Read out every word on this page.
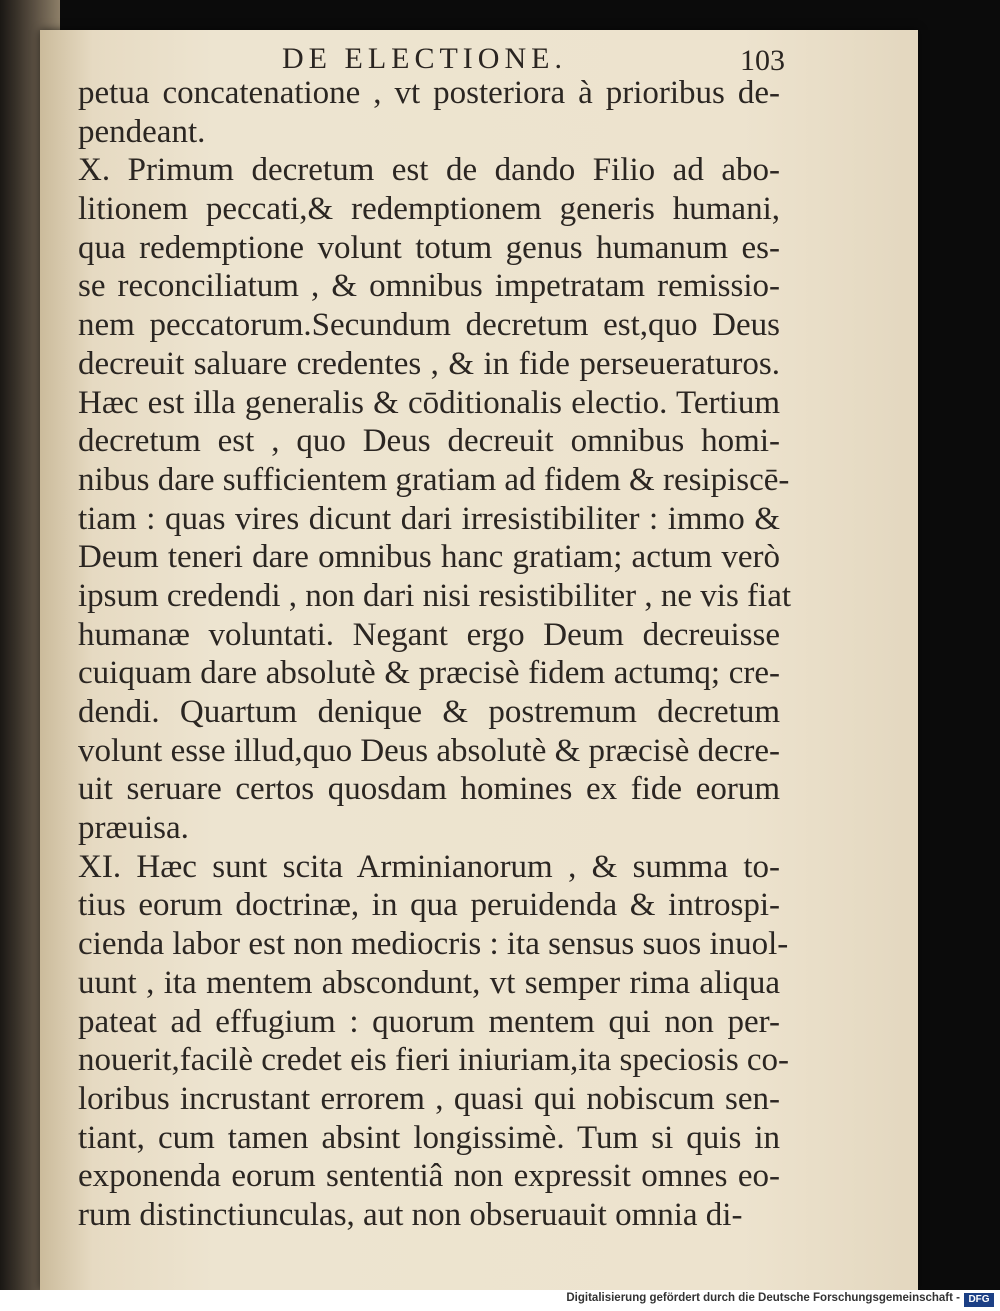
DE ELECTIONE.	103
petua concatenatione , vt posteriora à prioribus de-
pendeant.
X. Primum decretum est de dando Filio ad abo-
litionem peccati,& redemptionem generis humani,
qua redemptione volunt totum genus humanum es-
se reconciliatum , & omnibus impetratam remissio-
nem peccatorum.Secundum decretum est,quo Deus
decreuit saluare credentes , & in fide perseueraturos.
Hæc est illa generalis & cōditionalis electio. Tertium
decretum est , quo Deus decreuit omnibus homi-
nibus dare sufficientem gratiam ad fidem & resipiscē-
tiam : quas vires dicunt dari irresistibiliter : immo &
Deum teneri dare omnibus hanc gratiam; actum verò
ipsum credendi , non dari nisi resistibiliter , ne vis fiat
humanæ voluntati. Negant ergo Deum decreuisse
cuiquam dare absolutè & præcisè fidem actumq; cre-
dendi. Quartum denique & postremum decretum
volunt esse illud,quo Deus absolutè & præcisè decre-
uit seruare certos quosdam homines ex fide eorum
præuisa.
XI. Hæc sunt scita Arminianorum , & summa to-
tius eorum doctrinæ, in qua peruidenda & introspi-
cienda labor est non mediocris : ita sensus suos inuol-
uunt , ita mentem abscondunt, vt semper rima aliqua
pateat ad effugium : quorum mentem qui non per-
nouerit,facilè credet eis fieri iniuriam,ita speciosis co-
loribus incrustant errorem , quasi qui nobiscum sen-
tiant, cum tamen absint longissimè. Tum si quis in
exponenda eorum sententiâ non expressit omnes eo-
rum distinctiunculas, aut non obseruauit omnia di-
Digitalisierung gefördert durch die Deutsche Forschungsgemeinschaft - DFG
